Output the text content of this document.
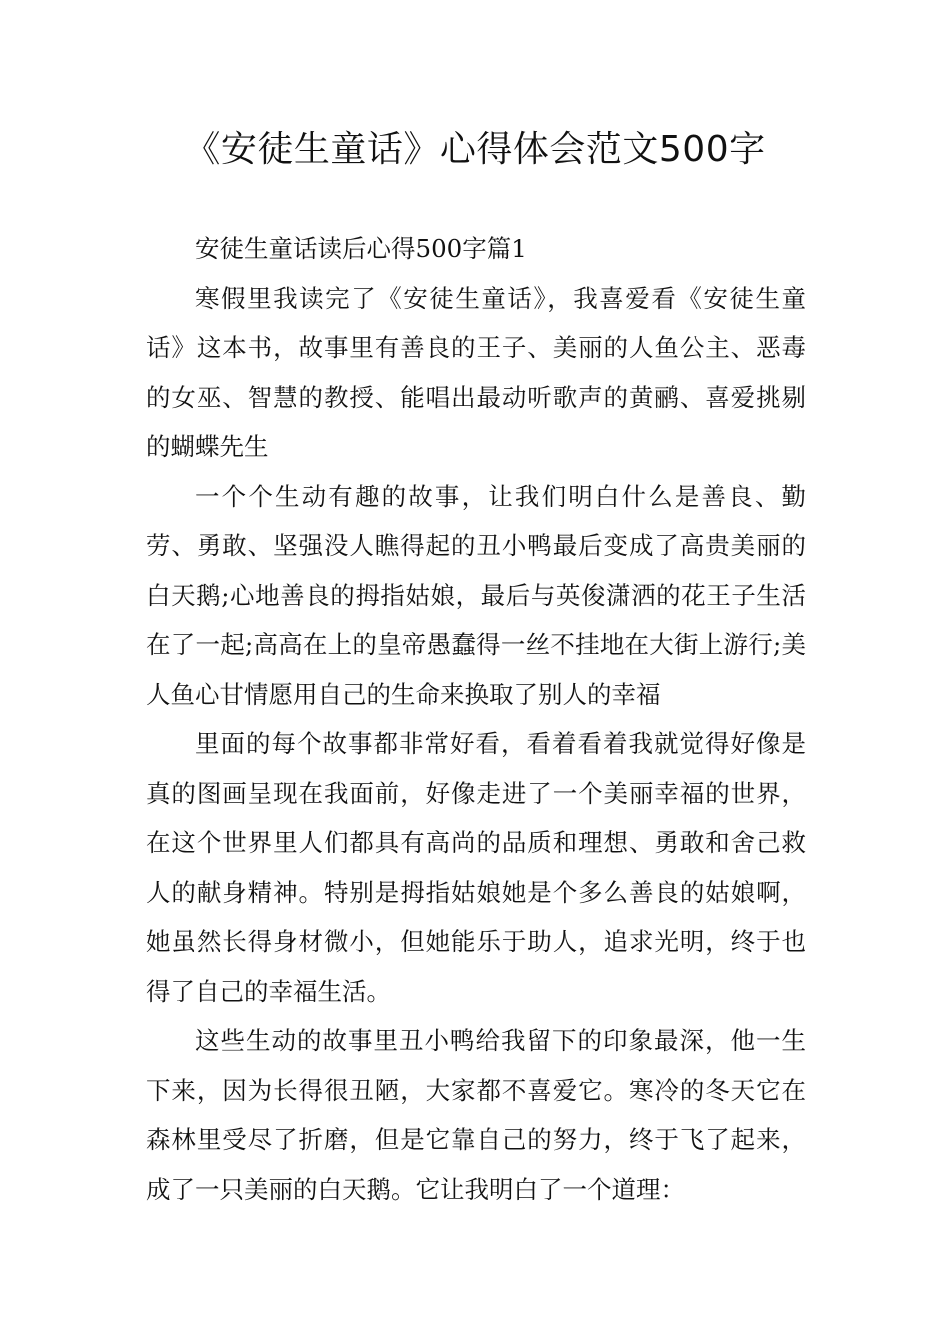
《安徒生童话》心得体会范文500字

安徒生童话读后心得500字篇1

寒假里我读完了《安徒生童话》，我喜爱看《安徒生童话》这本书，故事里有善良的王子、美丽的人鱼公主、恶毒的女巫、智慧的教授、能唱出最动听歌声的黄鹂、喜爱挑剔的蝴蝶先生

一个个生动有趣的故事，让我们明白什么是善良、勤劳、勇敢、坚强没人瞧得起的丑小鸭最后变成了高贵美丽的白天鹅;心地善良的拇指姑娘，最后与英俊潇洒的花王子生活在了一起;高高在上的皇帝愚蠢得一丝不挂地在大街上游行;美人鱼心甘情愿用自己的生命来换取了别人的幸福

里面的每个故事都非常好看，看着看着我就觉得好像是真的图画呈现在我面前，好像走进了一个美丽幸福的世界，在这个世界里人们都具有高尚的品质和理想、勇敢和舍己救人的献身精神。特别是拇指姑娘她是个多么善良的姑娘啊，她虽然长得身材微小，但她能乐于助人，追求光明，终于也得了自己的幸福生活。

这些生动的故事里丑小鸭给我留下的印象最深，他一生下来，因为长得很丑陋，大家都不喜爱它。寒冷的冬天它在森林里受尽了折磨，但是它靠自己的努力，终于飞了起来，成了一只美丽的白天鹅。它让我明白了一个道理：
